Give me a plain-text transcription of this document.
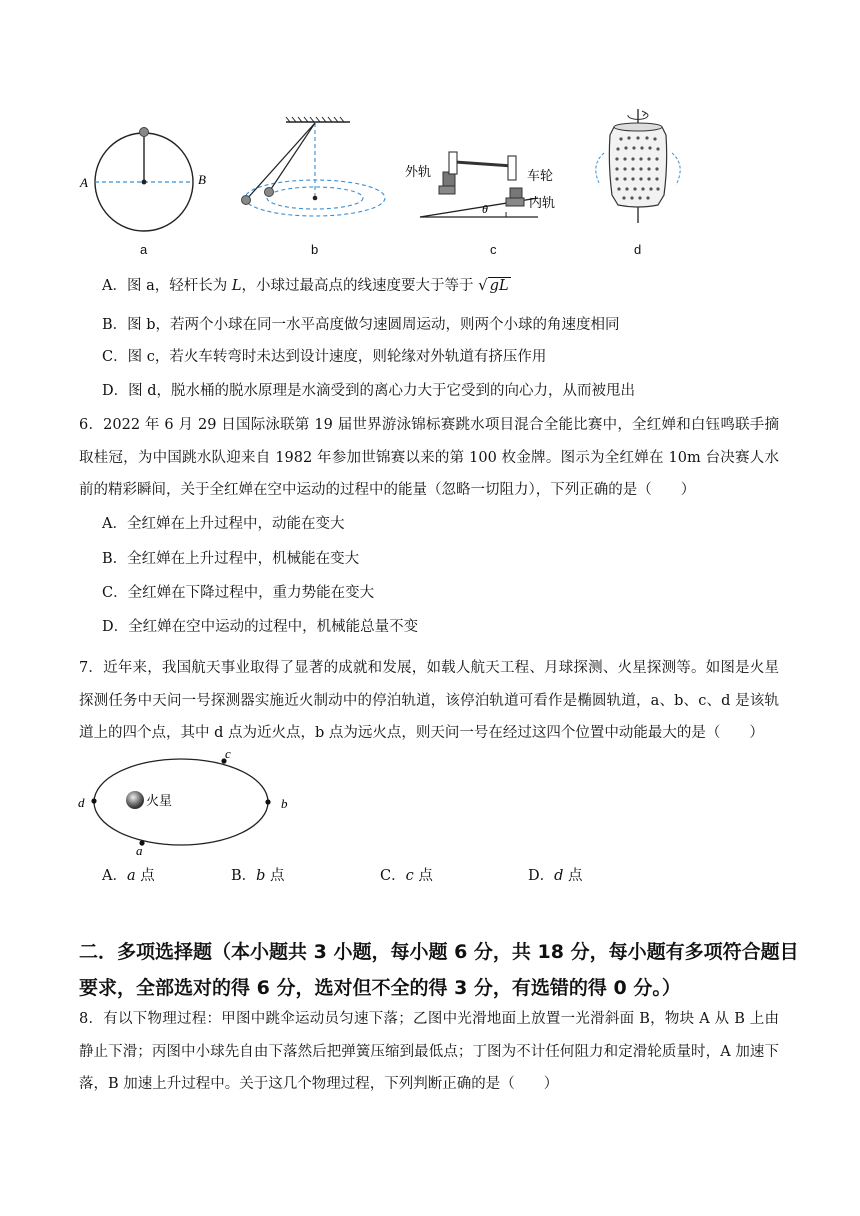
A	B
a	b
外轨	车轮
内轨
θ
c	d
A．图 a，轻杆长为 L，小球过最高点的线速度要大于等于 √ gL
B．图 b，若两个小球在同一水平高度做匀速圆周运动，则两个小球的角速度相同
C．图 c，若火车转弯时未达到设计速度，则轮缘对外轨道有挤压作用
D．图 d，脱水桶的脱水原理是水滴受到的离心力大于它受到的向心力，从而被甩出
6．2022 年 6 月 29 日国际泳联第 19 届世界游泳锦标赛跳水项目混合全能比赛中，全红婵和白钰鸣联手摘取桂冠，为中国跳水队迎来自 1982 年参加世锦赛以来的第 100 枚金牌。图示为全红婵在 10m 台决赛人水前的精彩瞬间，关于全红婵在空中运动的过程中的能量（忽略一切阻力），下列正确的是（　　）
A．全红婵在上升过程中，动能在变大
B．全红婵在上升过程中，机械能在变大
C．全红婵在下降过程中，重力势能在变大
D．全红婵在空中运动的过程中，机械能总量不变
7．近年来，我国航天事业取得了显著的成就和发展，如载人航天工程、月球探测、火星探测等。如图是火星探测任务中天问一号探测器实施近火制动中的停泊轨道，该停泊轨道可看作是椭圆轨道，a、b、c、d 是该轨道上的四个点，其中 d 点为近火点，b 点为远火点，则天问一号在经过这四个位置中动能最大的是（　　）
火星
d
a
c
b
A．a 点	B．b 点	C．c 点	D．d 点
二．多项选择题（本小题共 3 小题，每小题 6 分，共 18 分，每小题有多项符合题目要求，全部选对的得 6 分，选对但不全的得 3 分，有选错的得 0 分。）
8．有以下物理过程：甲图中跳伞运动员匀速下落；乙图中光滑地面上放置一光滑斜面 B，物块 A 从 B 上由静止下滑；丙图中小球先自由下落然后把弹簧压缩到最低点；丁图为不计任何阻力和定滑轮质量时，A 加速下落，B 加速上升过程中。关于这几个物理过程，下列判断正确的是（　　）
